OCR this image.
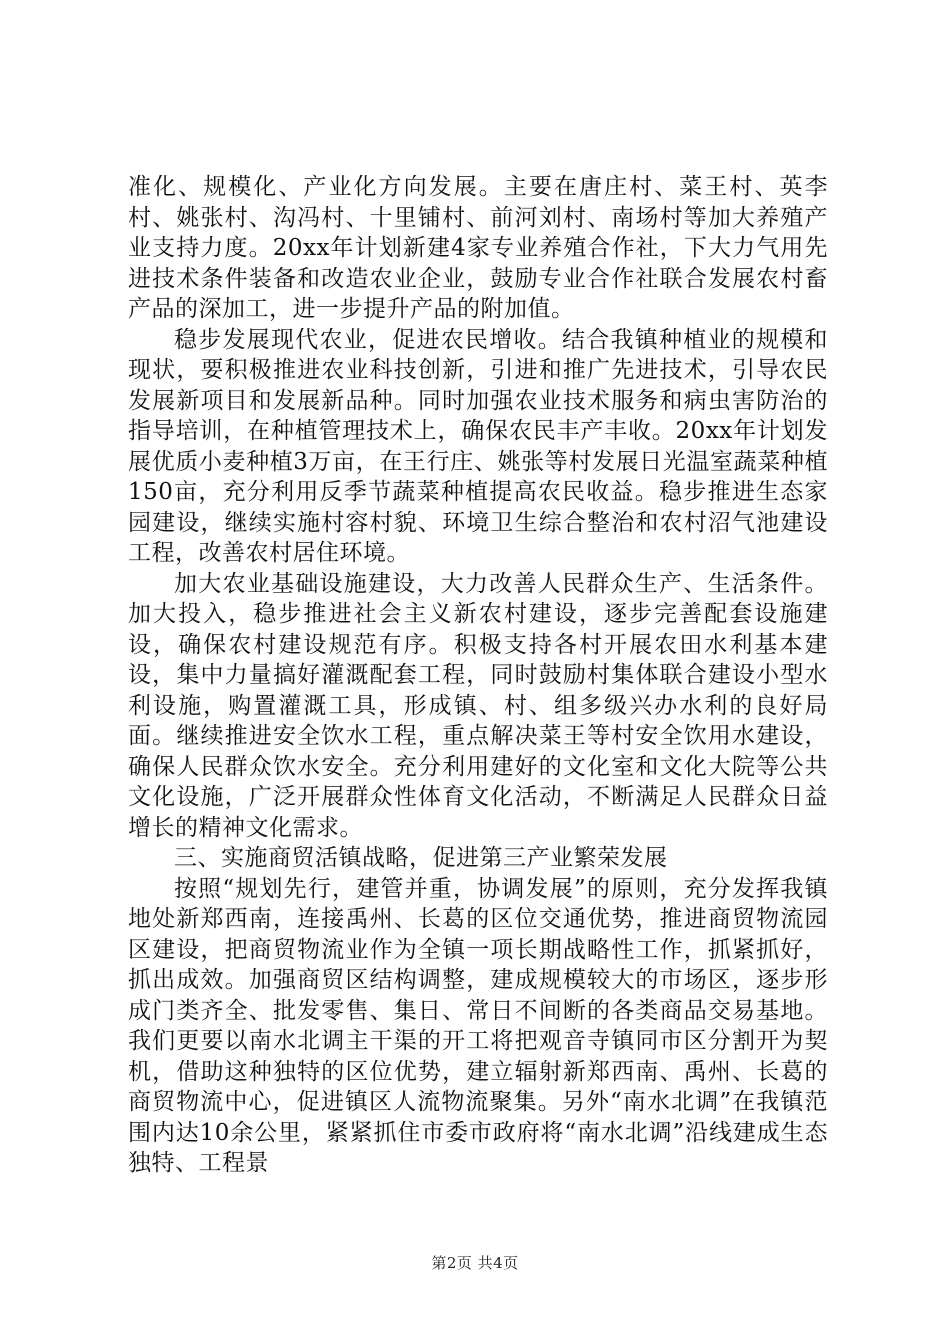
准化、规模化、产业化方向发展。主要在唐庄村、菜王村、英李村、姚张村、沟冯村、十里铺村、前河刘村、南场村等加大养殖产业支持力度。20xx年计划新建4家专业养殖合作社，下大力气用先进技术条件装备和改造农业企业，鼓励专业合作社联合发展农村畜产品的深加工，进一步提升产品的附加值。

稳步发展现代农业，促进农民增收。结合我镇种植业的规模和现状，要积极推进农业科技创新，引进和推广先进技术，引导农民发展新项目和发展新品种。同时加强农业技术服务和病虫害防治的指导培训，在种植管理技术上，确保农民丰产丰收。20xx年计划发展优质小麦种植3万亩，在王行庄、姚张等村发展日光温室蔬菜种植150亩，充分利用反季节蔬菜种植提高农民收益。稳步推进生态家园建设，继续实施村容村貌、环境卫生综合整治和农村沼气池建设工程，改善农村居住环境。

加大农业基础设施建设，大力改善人民群众生产、生活条件。加大投入，稳步推进社会主义新农村建设，逐步完善配套设施建设，确保农村建设规范有序。积极支持各村开展农田水利基本建设，集中力量搞好灌溉配套工程，同时鼓励村集体联合建设小型水利设施，购置灌溉工具，形成镇、村、组多级兴办水利的良好局面。继续推进安全饮水工程，重点解决菜王等村安全饮用水建设，确保人民群众饮水安全。充分利用建好的文化室和文化大院等公共文化设施，广泛开展群众性体育文化活动，不断满足人民群众日益增长的精神文化需求。

三、实施商贸活镇战略，促进第三产业繁荣发展

按照“规划先行，建管并重，协调发展”的原则，充分发挥我镇地处新郑西南，连接禹州、长葛的区位交通优势，推进商贸物流园区建设，把商贸物流业作为全镇一项长期战略性工作，抓紧抓好，抓出成效。加强商贸区结构调整，建成规模较大的市场区，逐步形成门类齐全、批发零售、集日、常日不间断的各类商品交易基地。我们更要以南水北调主干渠的开工将把观音寺镇同市区分割开为契机，借助这种独特的区位优势，建立辐射新郑西南、禹州、长葛的商贸物流中心，促进镇区人流物流聚集。另外“南水北调”在我镇范围内达10余公里，紧紧抓住市委市政府将“南水北调”沿线建成生态独特、工程景

第2页 共4页
